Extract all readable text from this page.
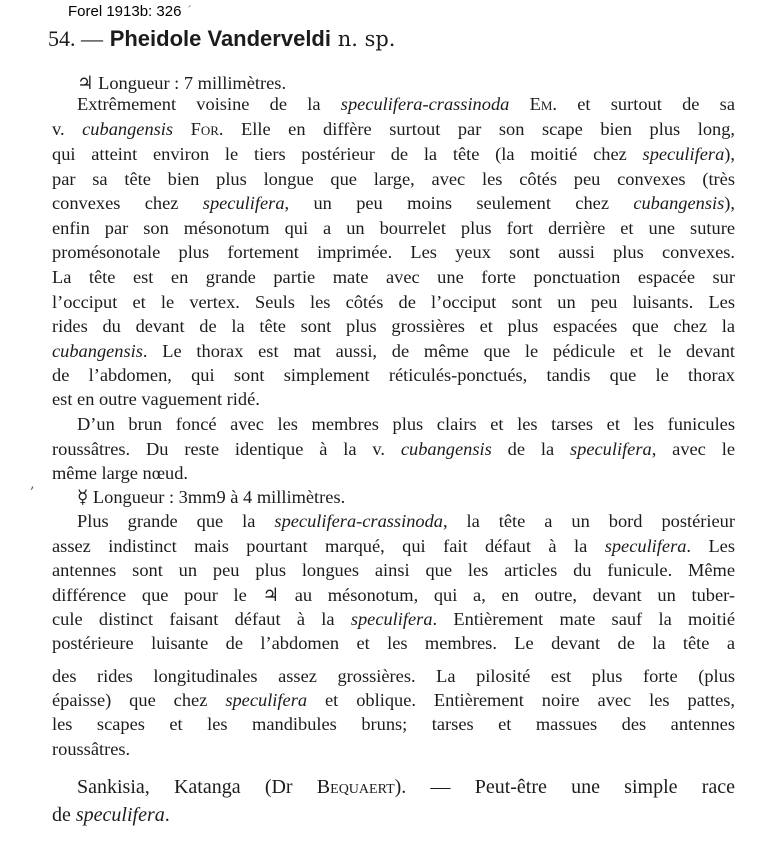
Forel 1913b: 326 ˊ
54. — Pheidole Vanderveldi n. sp.
♃ Longueur : 7 millimètres.
Extrêmement voisine de la speculifera-crassinoda Em. et surtout de sa
v. cubangensis For. Elle en diffère surtout par son scape bien plus long,
qui atteint environ le tiers postérieur de la tête (la moitié chez speculifera),
par sa tête bien plus longue que large, avec les côtés peu convexes (très
convexes chez speculifera, un peu moins seulement chez cubangensis),
enfin par son mésonotum qui a un bourrelet plus fort derrière et une suture
promésonotale plus fortement imprimée. Les yeux sont aussi plus convexes.
La tête est en grande partie mate avec une forte ponctuation espacée sur
l’occiput et le vertex. Seuls les côtés de l’occiput sont un peu luisants. Les
rides du devant de la tête sont plus grossières et plus espacées que chez la
cubangensis. Le thorax est mat aussi, de même que le pédicule et le devant
de l’abdomen, qui sont simplement réticulés-ponctués, tandis que le thorax
est en outre vaguement ridé.
D’un brun foncé avec les membres plus clairs et les tarses et les funicules
roussâtres. Du reste identique à la v. cubangensis de la speculifera, avec le
même large nœud.
☿ Longueur : 3mm9 à 4 millimètres.
Plus grande que la speculifera-crassinoda, la tête a un bord postérieur
assez indistinct mais pourtant marqué, qui fait défaut à la speculifera. Les
antennes sont un peu plus longues ainsi que les articles du funicule. Même
différence que pour le ♃ au mésonotum, qui a, en outre, devant un tuber-
cule distinct faisant défaut à la speculifera. Entièrement mate sauf la moitié
postérieure luisante de l’abdomen et les membres. Le devant de la tête a
des rides longitudinales assez grossières. La pilosité est plus forte (plus
épaisse) que chez speculifera et oblique. Entièrement noire avec les pattes,
les scapes et les mandibules bruns; tarses et massues des antennes
roussâtres.
Sankisia, Katanga (Dr Bequaert). — Peut-être une simple race
de speculifera.
‚
